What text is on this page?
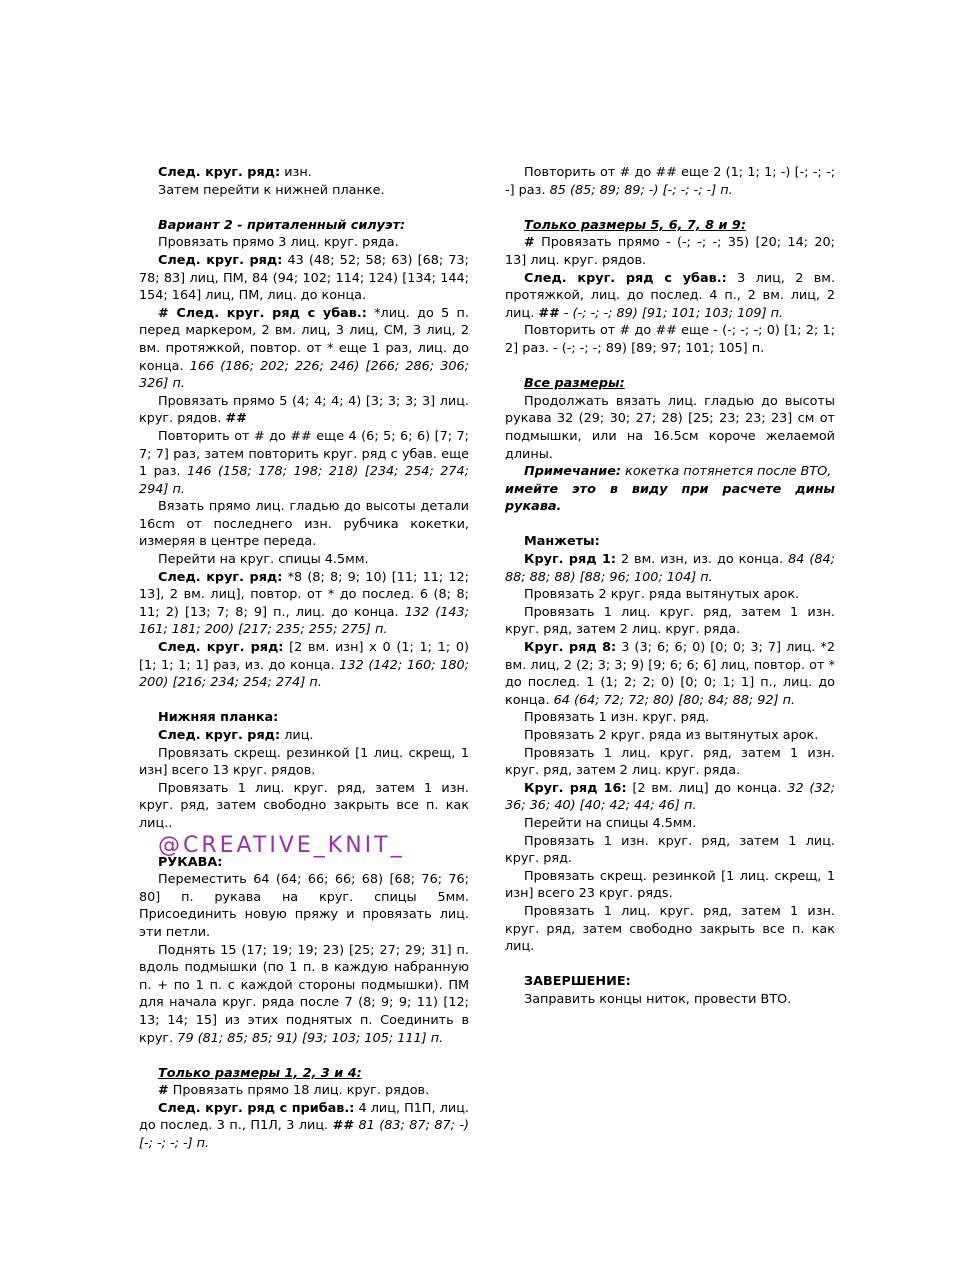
След. круг. ряд: изн.

Затем перейти к нижней планке.

Вариант 2 - приталенный силуэт:

Провязать прямо 3 лиц. круг. ряда.

След. круг. ряд: 43 (48; 52; 58; 63) [68; 73; 78; 83] лиц, ПМ, 84 (94; 102; 114; 124) [134; 144; 154; 164] лиц, ПМ, лиц. до конца.

# След. круг. ряд с убав.: *лиц. до 5 п. перед маркером, 2 вм. лиц, 3 лиц, СМ, 3 лиц, 2 вм. протяжкой, повтор. от * еще 1 раз, лиц. до конца. 166 (186; 202; 226; 246) [266; 286; 306; 326] п.

Провязать прямо 5 (4; 4; 4; 4) [3; 3; 3; 3] лиц. круг. рядов. ##

Повторить от # до ## еще 4 (6; 5; 6; 6) [7; 7; 7; 7] раз, затем повторить круг. ряд с убав. еще 1 раз. 146 (158; 178; 198; 218) [234; 254; 274; 294] п.

Вязать прямо лиц. гладью до высоты детали 16cm от последнего изн. рубчика кокетки, измеряя в центре переда.

Перейти на круг. спицы 4.5мм.

След. круг. ряд: *8 (8; 8; 9; 10) [11; 11; 12; 13], 2 вм. лиц], повтор. от * до послед. 6 (8; 8; 11; 2) [13; 7; 8; 9] п., лиц. до конца. 132 (143; 161; 181; 200) [217; 235; 255; 275] п.

След. круг. ряд: [2 вм. изн] х 0 (1; 1; 1; 0) [1; 1; 1; 1] раз, из. до конца. 132 (142; 160; 180; 200) [216; 234; 254; 274] п.

Нижняя планка:

След. круг. ряд: лиц.

Провязать скрещ. резинкой [1 лиц. скрещ, 1 изн] всего 13 круг. рядов.

Провязать 1 лиц. круг. ряд, затем 1 изн. круг. ряд, затем свободно закрыть все п. как лиц..

@CREATIVE_KNIT_

РУКАВА:

Переместить 64 (64; 66; 66; 68) [68; 76; 76; 80] п. рукава на круг. спицы 5мм. Присоединить новую пряжу и провязать лиц. эти петли.

Поднять 15 (17; 19; 19; 23) [25; 27; 29; 31] п. вдоль подмышки (по 1 п. в каждую набранную п. + по 1 п. с каждой стороны подмышки). ПМ для начала круг. ряда после 7 (8; 9; 9; 11) [12; 13; 14; 15] из этих поднятых п. Соединить в круг. 79 (81; 85; 85; 91) [93; 103; 105; 111] п.

Только размеры 1, 2, 3 и 4:

# Провязать прямо 18 лиц. круг. рядов.

След. круг. ряд с прибав.: 4 лиц, П1П, лиц. до послед. 3 п., П1Л, 3 лиц. ## 81 (83; 87; 87; -) [-; -; -; -] п.

Повторить от # до ## еще 2 (1; 1; 1; -) [-; -; -; -] раз. 85 (85; 89; 89; -) [-; -; -; -] п.

Только размеры 5, 6, 7, 8 и 9:

# Провязать прямо - (-; -; -; 35) [20; 14; 20; 13] лиц. круг. рядов.

След. круг. ряд с убав.: 3 лиц, 2 вм. протяжкой, лиц. до послед. 4 п., 2 вм. лиц, 2 лиц. ## - (-; -; -; 89) [91; 101; 103; 109] п.

Повторить от # до ## еще - (-; -; -; 0) [1; 2; 1; 2] раз. - (-; -; -; 89) [89; 97; 101; 105] п.

Все размеры:

Продолжать вязать лиц. гладью до высоты рукава 32 (29; 30; 27; 28) [25; 23; 23; 23] см от подмышки, или на 16.5см короче желаемой длины.

Примечание: кокетка потянется после ВТО,

имейте это в виду при расчете дины рукава.

Манжеты:

Круг. ряд 1: 2 вм. изн, из. до конца. 84 (84; 88; 88; 88) [88; 96; 100; 104] п.

Провязать 2 круг. ряда вытянутых арок.

Провязать 1 лиц. круг. ряд, затем 1 изн. круг. ряд, затем 2 лиц. круг. ряда.

Круг. ряд 8: 3 (3; 6; 6; 0) [0; 0; 3; 7] лиц. *2 вм. лиц, 2 (2; 3; 3; 9) [9; 6; 6; 6] лиц, повтор. от * до послед. 1 (1; 2; 2; 0) [0; 0; 1; 1] п., лиц. до конца. 64 (64; 72; 72; 80) [80; 84; 88; 92] п.

Провязать 1 изн. круг. ряд.

Провязать 2 круг. ряда из вытянутых арок.

Провязать 1 лиц. круг. ряд, затем 1 изн. круг. ряд, затем 2 лиц. круг. ряда.

Круг. ряд 16: [2 вм. лиц] до конца. 32 (32; 36; 36; 40) [40; 42; 44; 46] п.

Перейти на спицы 4.5мм.

Провязать 1 изн. круг. ряд, затем 1 лиц. круг. ряд.

Провязать скрещ. резинкой [1 лиц. скрещ, 1 изн] всего 23 круг. рядs.

Провязать 1 лиц. круг. ряд, затем 1 изн. круг. ряд, затем свободно закрыть все п. как лиц.

ЗАВЕРШЕНИЕ:

Заправить концы ниток, провести ВТО.
